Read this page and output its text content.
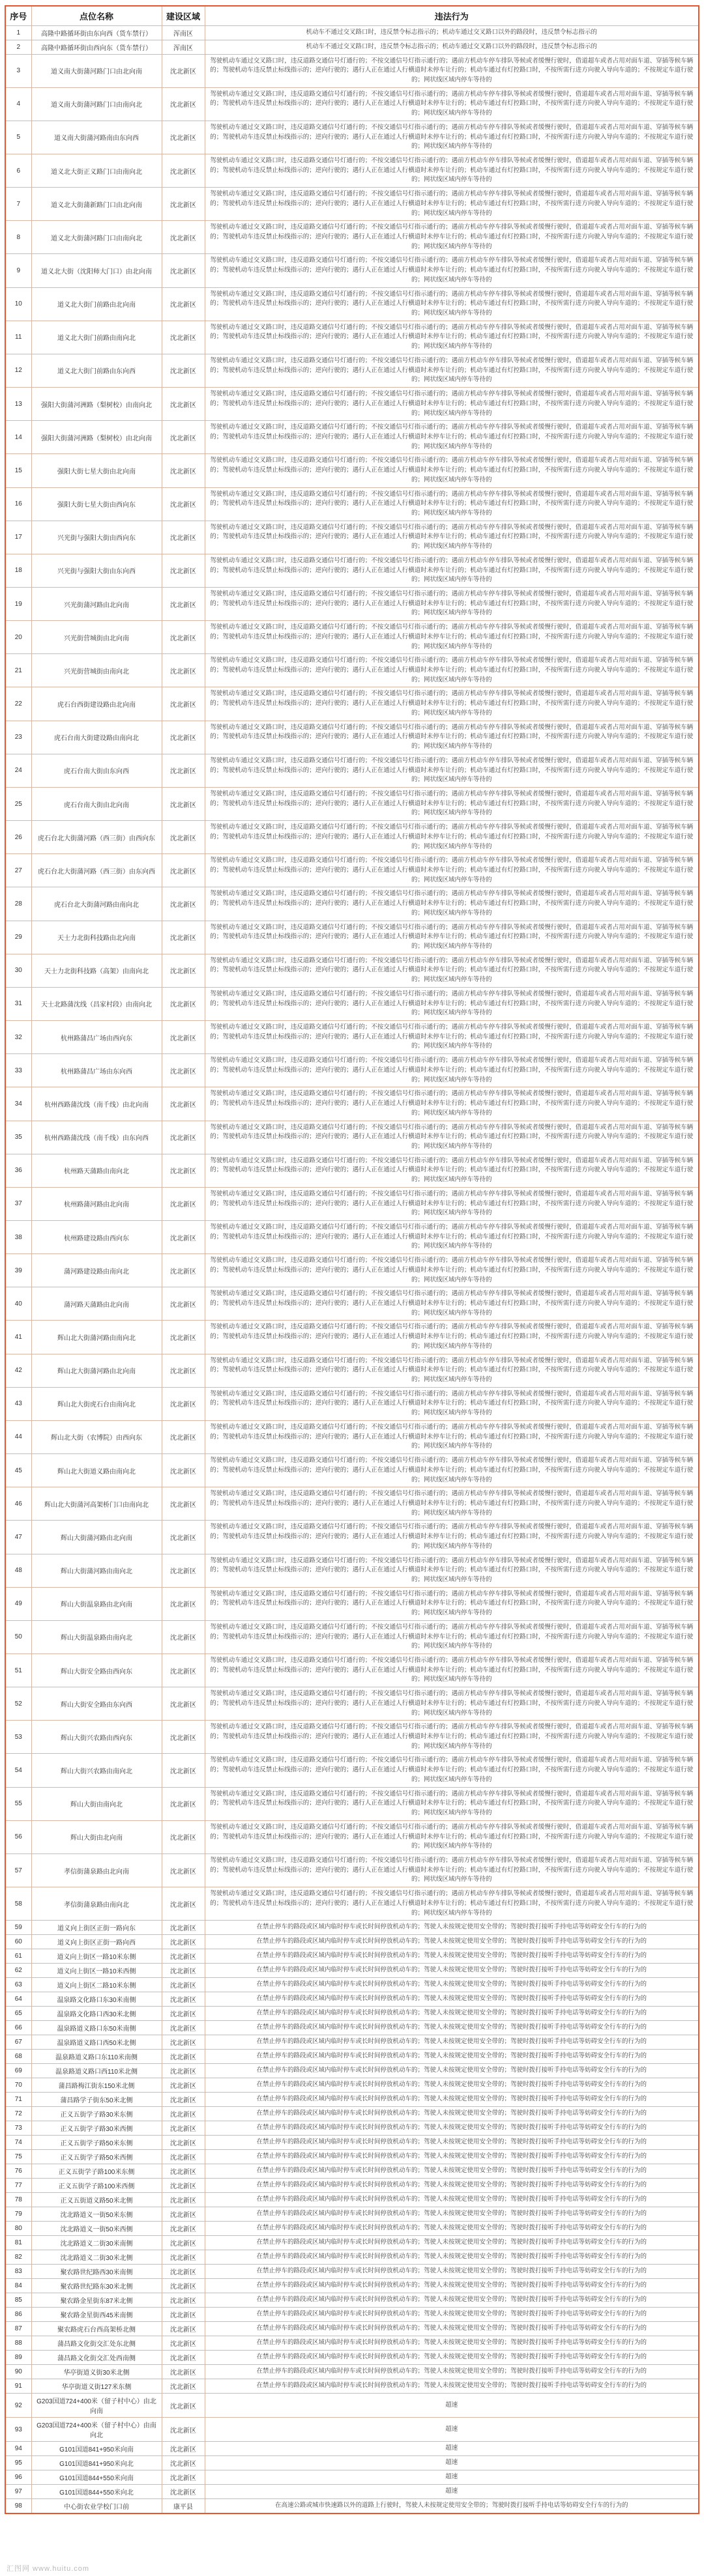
序号	点位名称	建设区域	违法行为
1	高隆中路循环街由东向西（货车禁行）	浑南区	机动车不通过交叉路口时，违反禁令标志指示的；机动车通过交叉路口以外的路段时，违反禁令标志指示的
2	高隆中路循环街由西向东（货车禁行）	浑南区	机动车不通过交叉路口时，违反禁令标志指示的；机动车通过交叉路口以外的路段时，违反禁令标志指示的
3	道义南大街蒲河路门口由北向南	沈北新区	驾驶机动车通过交叉路口时，违反道路交通信号灯通行的；不按交通信号灯指示通行的；遇前方机动车停车排队等候或者缓慢行驶时，借道超车或者占用对面车道、穿插等候车辆的；驾驶机动车违反禁止标线指示的；逆向行驶的；遇行人正在通过人行横道时未停车让行的；机动车通过有灯控路口时，不按所需行进方向驶入导向车道的；不按规定车道行驶的；网状线区域内停车等待的
4	道义南大街蒲河路门口由南向北	沈北新区	驾驶机动车通过交叉路口时，违反道路交通信号灯通行的；不按交通信号灯指示通行的；遇前方机动车停车排队等候或者缓慢行驶时，借道超车或者占用对面车道、穿插等候车辆的；驾驶机动车违反禁止标线指示的；逆向行驶的；遇行人正在通过人行横道时未停车让行的；机动车通过有灯控路口时，不按所需行进方向驶入导向车道的；不按规定车道行驶的；网状线区域内停车等待的
5	道义南大街蒲河路南由东向西	沈北新区	驾驶机动车通过交叉路口时，违反道路交通信号灯通行的；不按交通信号灯指示通行的；遇前方机动车停车排队等候或者缓慢行驶时，借道超车或者占用对面车道、穿插等候车辆的；驾驶机动车违反禁止标线指示的；逆向行驶的；遇行人正在通过人行横道时未停车让行的；机动车通过有灯控路口时，不按所需行进方向驶入导向车道的；不按规定车道行驶的；网状线区域内停车等待的
6	道义北大街正义路门口由南向北	沈北新区	驾驶机动车通过交叉路口时，违反道路交通信号灯通行的；不按交通信号灯指示通行的；遇前方机动车停车排队等候或者缓慢行驶时，借道超车或者占用对面车道、穿插等候车辆的；驾驶机动车违反禁止标线指示的；逆向行驶的；遇行人正在通过人行横道时未停车让行的；机动车通过有灯控路口时，不按所需行进方向驶入导向车道的；不按规定车道行驶的；网状线区域内停车等待的
7	道义北大街蒲新路门口由北向南	沈北新区	驾驶机动车通过交叉路口时，违反道路交通信号灯通行的；不按交通信号灯指示通行的；遇前方机动车停车排队等候或者缓慢行驶时，借道超车或者占用对面车道、穿插等候车辆的；驾驶机动车违反禁止标线指示的；逆向行驶的；遇行人正在通过人行横道时未停车让行的；机动车通过有灯控路口时，不按所需行进方向驶入导向车道的；不按规定车道行驶的；网状线区域内停车等待的
8	道义北大街蒲河路门口由南向北	沈北新区	驾驶机动车通过交叉路口时，违反道路交通信号灯通行的；不按交通信号灯指示通行的；遇前方机动车停车排队等候或者缓慢行驶时，借道超车或者占用对面车道、穿插等候车辆的；驾驶机动车违反禁止标线指示的；逆向行驶的；遇行人正在通过人行横道时未停车让行的；机动车通过有灯控路口时，不按所需行进方向驶入导向车道的；不按规定车道行驶的；网状线区域内停车等待的
9	道义北大街（沈阳师大门口）由北向南	沈北新区	驾驶机动车通过交叉路口时，违反道路交通信号灯通行的；不按交通信号灯指示通行的；遇前方机动车停车排队等候或者缓慢行驶时，借道超车或者占用对面车道、穿插等候车辆的；驾驶机动车违反禁止标线指示的；逆向行驶的；遇行人正在通过人行横道时未停车让行的；机动车通过有灯控路口时，不按所需行进方向驶入导向车道的；不按规定车道行驶的；网状线区域内停车等待的
10	道义北大街门前路由北向南	沈北新区	驾驶机动车通过交叉路口时，违反道路交通信号灯通行的；不按交通信号灯指示通行的；遇前方机动车停车排队等候或者缓慢行驶时，借道超车或者占用对面车道、穿插等候车辆的；驾驶机动车违反禁止标线指示的；逆向行驶的；遇行人正在通过人行横道时未停车让行的；机动车通过有灯控路口时，不按所需行进方向驶入导向车道的；不按规定车道行驶的；网状线区域内停车等待的
11	道义北大街门前路由南向北	沈北新区	驾驶机动车通过交叉路口时，违反道路交通信号灯通行的；不按交通信号灯指示通行的；遇前方机动车停车排队等候或者缓慢行驶时，借道超车或者占用对面车道、穿插等候车辆的；驾驶机动车违反禁止标线指示的；逆向行驶的；遇行人正在通过人行横道时未停车让行的；机动车通过有灯控路口时，不按所需行进方向驶入导向车道的；不按规定车道行驶的；网状线区域内停车等待的
12	道义北大街门前路由东向西	沈北新区	驾驶机动车通过交叉路口时，违反道路交通信号灯通行的；不按交通信号灯指示通行的；遇前方机动车停车排队等候或者缓慢行驶时，借道超车或者占用对面车道、穿插等候车辆的；驾驶机动车违反禁止标线指示的；逆向行驶的；遇行人正在通过人行横道时未停车让行的；机动车通过有灯控路口时，不按所需行进方向驶入导向车道的；不按规定车道行驶的；网状线区域内停车等待的
13	强阳大街蒲河洲路（梨树校）由南向北	沈北新区	驾驶机动车通过交叉路口时，违反道路交通信号灯通行的；不按交通信号灯指示通行的；遇前方机动车停车排队等候或者缓慢行驶时，借道超车或者占用对面车道、穿插等候车辆的；驾驶机动车违反禁止标线指示的；逆向行驶的；遇行人正在通过人行横道时未停车让行的；机动车通过有灯控路口时，不按所需行进方向驶入导向车道的；不按规定车道行驶的；网状线区域内停车等待的
14	强阳大街蒲河洲路（梨树校）由北向南	沈北新区	驾驶机动车通过交叉路口时，违反道路交通信号灯通行的；不按交通信号灯指示通行的；遇前方机动车停车排队等候或者缓慢行驶时，借道超车或者占用对面车道、穿插等候车辆的；驾驶机动车违反禁止标线指示的；逆向行驶的；遇行人正在通过人行横道时未停车让行的；机动车通过有灯控路口时，不按所需行进方向驶入导向车道的；不按规定车道行驶的；网状线区域内停车等待的
15	强阳大街七星大街由北向南	沈北新区	驾驶机动车通过交叉路口时，违反道路交通信号灯通行的；不按交通信号灯指示通行的；遇前方机动车停车排队等候或者缓慢行驶时，借道超车或者占用对面车道、穿插等候车辆的；驾驶机动车违反禁止标线指示的；逆向行驶的；遇行人正在通过人行横道时未停车让行的；机动车通过有灯控路口时，不按所需行进方向驶入导向车道的；不按规定车道行驶的；网状线区域内停车等待的
16	强阳大街七星大街由西向东	沈北新区	驾驶机动车通过交叉路口时，违反道路交通信号灯通行的；不按交通信号灯指示通行的；遇前方机动车停车排队等候或者缓慢行驶时，借道超车或者占用对面车道、穿插等候车辆的；驾驶机动车违反禁止标线指示的；逆向行驶的；遇行人正在通过人行横道时未停车让行的；机动车通过有灯控路口时，不按所需行进方向驶入导向车道的；不按规定车道行驶的；网状线区域内停车等待的
17	兴光街与强阳大街由西向东	沈北新区	驾驶机动车通过交叉路口时，违反道路交通信号灯通行的；不按交通信号灯指示通行的；遇前方机动车停车排队等候或者缓慢行驶时，借道超车或者占用对面车道、穿插等候车辆的；驾驶机动车违反禁止标线指示的；逆向行驶的；遇行人正在通过人行横道时未停车让行的；机动车通过有灯控路口时，不按所需行进方向驶入导向车道的；不按规定车道行驶的；网状线区域内停车等待的
18	兴光街与强阳大街由东向西	沈北新区	驾驶机动车通过交叉路口时，违反道路交通信号灯通行的；不按交通信号灯指示通行的；遇前方机动车停车排队等候或者缓慢行驶时，借道超车或者占用对面车道、穿插等候车辆的；驾驶机动车违反禁止标线指示的；逆向行驶的；遇行人正在通过人行横道时未停车让行的；机动车通过有灯控路口时，不按所需行进方向驶入导向车道的；不按规定车道行驶的；网状线区域内停车等待的
19	兴光街蒲河路由北向南	沈北新区	驾驶机动车通过交叉路口时，违反道路交通信号灯通行的；不按交通信号灯指示通行的；遇前方机动车停车排队等候或者缓慢行驶时，借道超车或者占用对面车道、穿插等候车辆的；驾驶机动车违反禁止标线指示的；逆向行驶的；遇行人正在通过人行横道时未停车让行的；机动车通过有灯控路口时，不按所需行进方向驶入导向车道的；不按规定车道行驶的；网状线区域内停车等待的
20	兴光街营城街由北向南	沈北新区	驾驶机动车通过交叉路口时，违反道路交通信号灯通行的；不按交通信号灯指示通行的；遇前方机动车停车排队等候或者缓慢行驶时，借道超车或者占用对面车道、穿插等候车辆的；驾驶机动车违反禁止标线指示的；逆向行驶的；遇行人正在通过人行横道时未停车让行的；机动车通过有灯控路口时，不按所需行进方向驶入导向车道的；不按规定车道行驶的；网状线区域内停车等待的
21	兴光街营城街由南向北	沈北新区	驾驶机动车通过交叉路口时，违反道路交通信号灯通行的；不按交通信号灯指示通行的；遇前方机动车停车排队等候或者缓慢行驶时，借道超车或者占用对面车道、穿插等候车辆的；驾驶机动车违反禁止标线指示的；逆向行驶的；遇行人正在通过人行横道时未停车让行的；机动车通过有灯控路口时，不按所需行进方向驶入导向车道的；不按规定车道行驶的；网状线区域内停车等待的
22	虎石台西街建设路由北向南	沈北新区	驾驶机动车通过交叉路口时，违反道路交通信号灯通行的；不按交通信号灯指示通行的；遇前方机动车停车排队等候或者缓慢行驶时，借道超车或者占用对面车道、穿插等候车辆的；驾驶机动车违反禁止标线指示的；逆向行驶的；遇行人正在通过人行横道时未停车让行的；机动车通过有灯控路口时，不按所需行进方向驶入导向车道的；不按规定车道行驶的；网状线区域内停车等待的
23	虎石台南大街建设路由南向北	沈北新区	驾驶机动车通过交叉路口时，违反道路交通信号灯通行的；不按交通信号灯指示通行的；遇前方机动车停车排队等候或者缓慢行驶时，借道超车或者占用对面车道、穿插等候车辆的；驾驶机动车违反禁止标线指示的；逆向行驶的；遇行人正在通过人行横道时未停车让行的；机动车通过有灯控路口时，不按所需行进方向驶入导向车道的；不按规定车道行驶的；网状线区域内停车等待的
24	虎石台南大街由东向西	沈北新区	驾驶机动车通过交叉路口时，违反道路交通信号灯通行的；不按交通信号灯指示通行的；遇前方机动车停车排队等候或者缓慢行驶时，借道超车或者占用对面车道、穿插等候车辆的；驾驶机动车违反禁止标线指示的；逆向行驶的；遇行人正在通过人行横道时未停车让行的；机动车通过有灯控路口时，不按所需行进方向驶入导向车道的；不按规定车道行驶的；网状线区域内停车等待的
25	虎石台南大街由北向南	沈北新区	驾驶机动车通过交叉路口时，违反道路交通信号灯通行的；不按交通信号灯指示通行的；遇前方机动车停车排队等候或者缓慢行驶时，借道超车或者占用对面车道、穿插等候车辆的；驾驶机动车违反禁止标线指示的；逆向行驶的；遇行人正在通过人行横道时未停车让行的；机动车通过有灯控路口时，不按所需行进方向驶入导向车道的；不按规定车道行驶的；网状线区域内停车等待的
26	虎石台北大街蒲河路（西三街）由西向东	沈北新区	驾驶机动车通过交叉路口时，违反道路交通信号灯通行的；不按交通信号灯指示通行的；遇前方机动车停车排队等候或者缓慢行驶时，借道超车或者占用对面车道、穿插等候车辆的；驾驶机动车违反禁止标线指示的；逆向行驶的；遇行人正在通过人行横道时未停车让行的；机动车通过有灯控路口时，不按所需行进方向驶入导向车道的；不按规定车道行驶的；网状线区域内停车等待的
27	虎石台北大街蒲河路（西三街）由东向西	沈北新区	驾驶机动车通过交叉路口时，违反道路交通信号灯通行的；不按交通信号灯指示通行的；遇前方机动车停车排队等候或者缓慢行驶时，借道超车或者占用对面车道、穿插等候车辆的；驾驶机动车违反禁止标线指示的；逆向行驶的；遇行人正在通过人行横道时未停车让行的；机动车通过有灯控路口时，不按所需行进方向驶入导向车道的；不按规定车道行驶的；网状线区域内停车等待的
28	虎石台北大街蒲河路由南向北	沈北新区	驾驶机动车通过交叉路口时，违反道路交通信号灯通行的；不按交通信号灯指示通行的；遇前方机动车停车排队等候或者缓慢行驶时，借道超车或者占用对面车道、穿插等候车辆的；驾驶机动车违反禁止标线指示的；逆向行驶的；遇行人正在通过人行横道时未停车让行的；机动车通过有灯控路口时，不按所需行进方向驶入导向车道的；不按规定车道行驶的；网状线区域内停车等待的
29	天士力北街科技路由北向南	沈北新区	驾驶机动车通过交叉路口时，违反道路交通信号灯通行的；不按交通信号灯指示通行的；遇前方机动车停车排队等候或者缓慢行驶时，借道超车或者占用对面车道、穿插等候车辆的；驾驶机动车违反禁止标线指示的；逆向行驶的；遇行人正在通过人行横道时未停车让行的；机动车通过有灯控路口时，不按所需行进方向驶入导向车道的；不按规定车道行驶的；网状线区域内停车等待的
30	天士力北街科技路（高架）由南向北	沈北新区	驾驶机动车通过交叉路口时，违反道路交通信号灯通行的；不按交通信号灯指示通行的；遇前方机动车停车排队等候或者缓慢行驶时，借道超车或者占用对面车道、穿插等候车辆的；驾驶机动车违反禁止标线指示的；逆向行驶的；遇行人正在通过人行横道时未停车让行的；机动车通过有灯控路口时，不按所需行进方向驶入导向车道的；不按规定车道行驶的；网状线区域内停车等待的
31	天士北路蒲沈线（昌家村段）由南向北	沈北新区	驾驶机动车通过交叉路口时，违反道路交通信号灯通行的；不按交通信号灯指示通行的；遇前方机动车停车排队等候或者缓慢行驶时，借道超车或者占用对面车道、穿插等候车辆的；驾驶机动车违反禁止标线指示的；逆向行驶的；遇行人正在通过人行横道时未停车让行的；机动车通过有灯控路口时，不按所需行进方向驶入导向车道的；不按规定车道行驶的；网状线区域内停车等待的
32	杭州路蒲昌广场由西向东	沈北新区	驾驶机动车通过交叉路口时，违反道路交通信号灯通行的；不按交通信号灯指示通行的；遇前方机动车停车排队等候或者缓慢行驶时，借道超车或者占用对面车道、穿插等候车辆的；驾驶机动车违反禁止标线指示的；逆向行驶的；遇行人正在通过人行横道时未停车让行的；机动车通过有灯控路口时，不按所需行进方向驶入导向车道的；不按规定车道行驶的；网状线区域内停车等待的
33	杭州路蒲昌广场由东向西	沈北新区	驾驶机动车通过交叉路口时，违反道路交通信号灯通行的；不按交通信号灯指示通行的；遇前方机动车停车排队等候或者缓慢行驶时，借道超车或者占用对面车道、穿插等候车辆的；驾驶机动车违反禁止标线指示的；逆向行驶的；遇行人正在通过人行横道时未停车让行的；机动车通过有灯控路口时，不按所需行进方向驶入导向车道的；不按规定车道行驶的；网状线区域内停车等待的
34	杭州西路蒲沈线（南千线）由北向南	沈北新区	驾驶机动车通过交叉路口时，违反道路交通信号灯通行的；不按交通信号灯指示通行的；遇前方机动车停车排队等候或者缓慢行驶时，借道超车或者占用对面车道、穿插等候车辆的；驾驶机动车违反禁止标线指示的；逆向行驶的；遇行人正在通过人行横道时未停车让行的；机动车通过有灯控路口时，不按所需行进方向驶入导向车道的；不按规定车道行驶的；网状线区域内停车等待的
35	杭州西路蒲沈线（南千线）由东向西	沈北新区	驾驶机动车通过交叉路口时，违反道路交通信号灯通行的；不按交通信号灯指示通行的；遇前方机动车停车排队等候或者缓慢行驶时，借道超车或者占用对面车道、穿插等候车辆的；驾驶机动车违反禁止标线指示的；逆向行驶的；遇行人正在通过人行横道时未停车让行的；机动车通过有灯控路口时，不按所需行进方向驶入导向车道的；不按规定车道行驶的；网状线区域内停车等待的
36	杭州路天蒲路由南向北	沈北新区	驾驶机动车通过交叉路口时，违反道路交通信号灯通行的；不按交通信号灯指示通行的；遇前方机动车停车排队等候或者缓慢行驶时，借道超车或者占用对面车道、穿插等候车辆的；驾驶机动车违反禁止标线指示的；逆向行驶的；遇行人正在通过人行横道时未停车让行的；机动车通过有灯控路口时，不按所需行进方向驶入导向车道的；不按规定车道行驶的；网状线区域内停车等待的
37	杭州路蒲河路由北向南	沈北新区	驾驶机动车通过交叉路口时，违反道路交通信号灯通行的；不按交通信号灯指示通行的；遇前方机动车停车排队等候或者缓慢行驶时，借道超车或者占用对面车道、穿插等候车辆的；驾驶机动车违反禁止标线指示的；逆向行驶的；遇行人正在通过人行横道时未停车让行的；机动车通过有灯控路口时，不按所需行进方向驶入导向车道的；不按规定车道行驶的；网状线区域内停车等待的
38	杭州路建设路由西向东	沈北新区	驾驶机动车通过交叉路口时，违反道路交通信号灯通行的；不按交通信号灯指示通行的；遇前方机动车停车排队等候或者缓慢行驶时，借道超车或者占用对面车道、穿插等候车辆的；驾驶机动车违反禁止标线指示的；逆向行驶的；遇行人正在通过人行横道时未停车让行的；机动车通过有灯控路口时，不按所需行进方向驶入导向车道的；不按规定车道行驶的；网状线区域内停车等待的
39	蒲河路建设路由南向北	沈北新区	驾驶机动车通过交叉路口时，违反道路交通信号灯通行的；不按交通信号灯指示通行的；遇前方机动车停车排队等候或者缓慢行驶时，借道超车或者占用对面车道、穿插等候车辆的；驾驶机动车违反禁止标线指示的；逆向行驶的；遇行人正在通过人行横道时未停车让行的；机动车通过有灯控路口时，不按所需行进方向驶入导向车道的；不按规定车道行驶的；网状线区域内停车等待的
40	蒲河路天蒲路由北向南	沈北新区	驾驶机动车通过交叉路口时，违反道路交通信号灯通行的；不按交通信号灯指示通行的；遇前方机动车停车排队等候或者缓慢行驶时，借道超车或者占用对面车道、穿插等候车辆的；驾驶机动车违反禁止标线指示的；逆向行驶的；遇行人正在通过人行横道时未停车让行的；机动车通过有灯控路口时，不按所需行进方向驶入导向车道的；不按规定车道行驶的；网状线区域内停车等待的
41	辉山北大街蒲河路由南向北	沈北新区	驾驶机动车通过交叉路口时，违反道路交通信号灯通行的；不按交通信号灯指示通行的；遇前方机动车停车排队等候或者缓慢行驶时，借道超车或者占用对面车道、穿插等候车辆的；驾驶机动车违反禁止标线指示的；逆向行驶的；遇行人正在通过人行横道时未停车让行的；机动车通过有灯控路口时，不按所需行进方向驶入导向车道的；不按规定车道行驶的；网状线区域内停车等待的
42	辉山北大街蒲河路由北向南	沈北新区	驾驶机动车通过交叉路口时，违反道路交通信号灯通行的；不按交通信号灯指示通行的；遇前方机动车停车排队等候或者缓慢行驶时，借道超车或者占用对面车道、穿插等候车辆的；驾驶机动车违反禁止标线指示的；逆向行驶的；遇行人正在通过人行横道时未停车让行的；机动车通过有灯控路口时，不按所需行进方向驶入导向车道的；不按规定车道行驶的；网状线区域内停车等待的
43	辉山北大街虎石台由南向北	沈北新区	驾驶机动车通过交叉路口时，违反道路交通信号灯通行的；不按交通信号灯指示通行的；遇前方机动车停车排队等候或者缓慢行驶时，借道超车或者占用对面车道、穿插等候车辆的；驾驶机动车违反禁止标线指示的；逆向行驶的；遇行人正在通过人行横道时未停车让行的；机动车通过有灯控路口时，不按所需行进方向驶入导向车道的；不按规定车道行驶的；网状线区域内停车等待的
44	辉山北大街（农博院）由西向东	沈北新区	驾驶机动车通过交叉路口时，违反道路交通信号灯通行的；不按交通信号灯指示通行的；遇前方机动车停车排队等候或者缓慢行驶时，借道超车或者占用对面车道、穿插等候车辆的；驾驶机动车违反禁止标线指示的；逆向行驶的；遇行人正在通过人行横道时未停车让行的；机动车通过有灯控路口时，不按所需行进方向驶入导向车道的；不按规定车道行驶的；网状线区域内停车等待的
45	辉山北大街道义路由南向北	沈北新区	驾驶机动车通过交叉路口时，违反道路交通信号灯通行的；不按交通信号灯指示通行的；遇前方机动车停车排队等候或者缓慢行驶时，借道超车或者占用对面车道、穿插等候车辆的；驾驶机动车违反禁止标线指示的；逆向行驶的；遇行人正在通过人行横道时未停车让行的；机动车通过有灯控路口时，不按所需行进方向驶入导向车道的；不按规定车道行驶的；网状线区域内停车等待的
46	辉山北大街蒲河高架桥门口由南向北	沈北新区	驾驶机动车通过交叉路口时，违反道路交通信号灯通行的；不按交通信号灯指示通行的；遇前方机动车停车排队等候或者缓慢行驶时，借道超车或者占用对面车道、穿插等候车辆的；驾驶机动车违反禁止标线指示的；逆向行驶的；遇行人正在通过人行横道时未停车让行的；机动车通过有灯控路口时，不按所需行进方向驶入导向车道的；不按规定车道行驶的；网状线区域内停车等待的
47	辉山大街蒲河路由北向南	沈北新区	驾驶机动车通过交叉路口时，违反道路交通信号灯通行的；不按交通信号灯指示通行的；遇前方机动车停车排队等候或者缓慢行驶时，借道超车或者占用对面车道、穿插等候车辆的；驾驶机动车违反禁止标线指示的；逆向行驶的；遇行人正在通过人行横道时未停车让行的；机动车通过有灯控路口时，不按所需行进方向驶入导向车道的；不按规定车道行驶的；网状线区域内停车等待的
48	辉山大街蒲河路由南向北	沈北新区	驾驶机动车通过交叉路口时，违反道路交通信号灯通行的；不按交通信号灯指示通行的；遇前方机动车停车排队等候或者缓慢行驶时，借道超车或者占用对面车道、穿插等候车辆的；驾驶机动车违反禁止标线指示的；逆向行驶的；遇行人正在通过人行横道时未停车让行的；机动车通过有灯控路口时，不按所需行进方向驶入导向车道的；不按规定车道行驶的；网状线区域内停车等待的
49	辉山大街温泉路由北向南	沈北新区	驾驶机动车通过交叉路口时，违反道路交通信号灯通行的；不按交通信号灯指示通行的；遇前方机动车停车排队等候或者缓慢行驶时，借道超车或者占用对面车道、穿插等候车辆的；驾驶机动车违反禁止标线指示的；逆向行驶的；遇行人正在通过人行横道时未停车让行的；机动车通过有灯控路口时，不按所需行进方向驶入导向车道的；不按规定车道行驶的；网状线区域内停车等待的
50	辉山大街温泉路由南向北	沈北新区	驾驶机动车通过交叉路口时，违反道路交通信号灯通行的；不按交通信号灯指示通行的；遇前方机动车停车排队等候或者缓慢行驶时，借道超车或者占用对面车道、穿插等候车辆的；驾驶机动车违反禁止标线指示的；逆向行驶的；遇行人正在通过人行横道时未停车让行的；机动车通过有灯控路口时，不按所需行进方向驶入导向车道的；不按规定车道行驶的；网状线区域内停车等待的
51	辉山大街安全路由西向东	沈北新区	驾驶机动车通过交叉路口时，违反道路交通信号灯通行的；不按交通信号灯指示通行的；遇前方机动车停车排队等候或者缓慢行驶时，借道超车或者占用对面车道、穿插等候车辆的；驾驶机动车违反禁止标线指示的；逆向行驶的；遇行人正在通过人行横道时未停车让行的；机动车通过有灯控路口时，不按所需行进方向驶入导向车道的；不按规定车道行驶的；网状线区域内停车等待的
52	辉山大街安全路由东向西	沈北新区	驾驶机动车通过交叉路口时，违反道路交通信号灯通行的；不按交通信号灯指示通行的；遇前方机动车停车排队等候或者缓慢行驶时，借道超车或者占用对面车道、穿插等候车辆的；驾驶机动车违反禁止标线指示的；逆向行驶的；遇行人正在通过人行横道时未停车让行的；机动车通过有灯控路口时，不按所需行进方向驶入导向车道的；不按规定车道行驶的；网状线区域内停车等待的
53	辉山大街兴农路由西向东	沈北新区	驾驶机动车通过交叉路口时，违反道路交通信号灯通行的；不按交通信号灯指示通行的；遇前方机动车停车排队等候或者缓慢行驶时，借道超车或者占用对面车道、穿插等候车辆的；驾驶机动车违反禁止标线指示的；逆向行驶的；遇行人正在通过人行横道时未停车让行的；机动车通过有灯控路口时，不按所需行进方向驶入导向车道的；不按规定车道行驶的；网状线区域内停车等待的
54	辉山大街兴农路由南向北	沈北新区	驾驶机动车通过交叉路口时，违反道路交通信号灯通行的；不按交通信号灯指示通行的；遇前方机动车停车排队等候或者缓慢行驶时，借道超车或者占用对面车道、穿插等候车辆的；驾驶机动车违反禁止标线指示的；逆向行驶的；遇行人正在通过人行横道时未停车让行的；机动车通过有灯控路口时，不按所需行进方向驶入导向车道的；不按规定车道行驶的；网状线区域内停车等待的
55	辉山大街由南向北	沈北新区	驾驶机动车通过交叉路口时，违反道路交通信号灯通行的；不按交通信号灯指示通行的；遇前方机动车停车排队等候或者缓慢行驶时，借道超车或者占用对面车道、穿插等候车辆的；驾驶机动车违反禁止标线指示的；逆向行驶的；遇行人正在通过人行横道时未停车让行的；机动车通过有灯控路口时，不按所需行进方向驶入导向车道的；不按规定车道行驶的；网状线区域内停车等待的
56	辉山大街由北向南	沈北新区	驾驶机动车通过交叉路口时，违反道路交通信号灯通行的；不按交通信号灯指示通行的；遇前方机动车停车排队等候或者缓慢行驶时，借道超车或者占用对面车道、穿插等候车辆的；驾驶机动车违反禁止标线指示的；逆向行驶的；遇行人正在通过人行横道时未停车让行的；机动车通过有灯控路口时，不按所需行进方向驶入导向车道的；不按规定车道行驶的；网状线区域内停车等待的
57	孝信街蒲泉路由北向南	沈北新区	驾驶机动车通过交叉路口时，违反道路交通信号灯通行的；不按交通信号灯指示通行的；遇前方机动车停车排队等候或者缓慢行驶时，借道超车或者占用对面车道、穿插等候车辆的；驾驶机动车违反禁止标线指示的；逆向行驶的；遇行人正在通过人行横道时未停车让行的；机动车通过有灯控路口时，不按所需行进方向驶入导向车道的；不按规定车道行驶的；网状线区域内停车等待的
58	孝信街蒲泉路由南向北	沈北新区	驾驶机动车通过交叉路口时，违反道路交通信号灯通行的；不按交通信号灯指示通行的；遇前方机动车停车排队等候或者缓慢行驶时，借道超车或者占用对面车道、穿插等候车辆的；驾驶机动车违反禁止标线指示的；逆向行驶的；遇行人正在通过人行横道时未停车让行的；机动车通过有灯控路口时，不按所需行进方向驶入导向车道的；不按规定车道行驶的；网状线区域内停车等待的
59	道义向上街区正街一路向东	沈北新区	在禁止停车的路段或区域内临时停车或长时间停放机动车的；驾驶人未按规定使用安全带的；驾驶时拨打接听手持电话等妨碍安全行车的行为的
60	道义向上街区正街一路向西	沈北新区	在禁止停车的路段或区域内临时停车或长时间停放机动车的；驾驶人未按规定使用安全带的；驾驶时拨打接听手持电话等妨碍安全行车的行为的
61	道义向上街区一路10米东侧	沈北新区	在禁止停车的路段或区域内临时停车或长时间停放机动车的；驾驶人未按规定使用安全带的；驾驶时拨打接听手持电话等妨碍安全行车的行为的
62	道义向上街区一路10米西侧	沈北新区	在禁止停车的路段或区域内临时停车或长时间停放机动车的；驾驶人未按规定使用安全带的；驾驶时拨打接听手持电话等妨碍安全行车的行为的
63	道义向上街区二路10米东侧	沈北新区	在禁止停车的路段或区域内临时停车或长时间停放机动车的；驾驶人未按规定使用安全带的；驾驶时拨打接听手持电话等妨碍安全行车的行为的
64	温泉路文化路口东30米南侧	沈北新区	在禁止停车的路段或区域内临时停车或长时间停放机动车的；驾驶人未按规定使用安全带的；驾驶时拨打接听手持电话等妨碍安全行车的行为的
65	温泉路文化路口西30米北侧	沈北新区	在禁止停车的路段或区域内临时停车或长时间停放机动车的；驾驶人未按规定使用安全带的；驾驶时拨打接听手持电话等妨碍安全行车的行为的
66	温泉路道义路口东50米南侧	沈北新区	在禁止停车的路段或区域内临时停车或长时间停放机动车的；驾驶人未按规定使用安全带的；驾驶时拨打接听手持电话等妨碍安全行车的行为的
67	温泉路道义路口西50米北侧	沈北新区	在禁止停车的路段或区域内临时停车或长时间停放机动车的；驾驶人未按规定使用安全带的；驾驶时拨打接听手持电话等妨碍安全行车的行为的
68	温泉路道义路口东110米南侧	沈北新区	在禁止停车的路段或区域内临时停车或长时间停放机动车的；驾驶人未按规定使用安全带的；驾驶时拨打接听手持电话等妨碍安全行车的行为的
69	温泉路道义路口西110米北侧	沈北新区	在禁止停车的路段或区域内临时停车或长时间停放机动车的；驾驶人未按规定使用安全带的；驾驶时拨打接听手持电话等妨碍安全行车的行为的
70	蒲昌路梅江街东150米北侧	沈北新区	在禁止停车的路段或区域内临时停车或长时间停放机动车的；驾驶人未按规定使用安全带的；驾驶时拨打接听手持电话等妨碍安全行车的行为的
71	蒲昌路学子街东50米北侧	沈北新区	在禁止停车的路段或区域内临时停车或长时间停放机动车的；驾驶人未按规定使用安全带的；驾驶时拨打接听手持电话等妨碍安全行车的行为的
72	正义五街学子路30米东侧	沈北新区	在禁止停车的路段或区域内临时停车或长时间停放机动车的；驾驶人未按规定使用安全带的；驾驶时拨打接听手持电话等妨碍安全行车的行为的
73	正义五街学子路30米西侧	沈北新区	在禁止停车的路段或区域内临时停车或长时间停放机动车的；驾驶人未按规定使用安全带的；驾驶时拨打接听手持电话等妨碍安全行车的行为的
74	正义五街学子路50米东侧	沈北新区	在禁止停车的路段或区域内临时停车或长时间停放机动车的；驾驶人未按规定使用安全带的；驾驶时拨打接听手持电话等妨碍安全行车的行为的
75	正义五街学子路50米西侧	沈北新区	在禁止停车的路段或区域内临时停车或长时间停放机动车的；驾驶人未按规定使用安全带的；驾驶时拨打接听手持电话等妨碍安全行车的行为的
76	正义五街学子路100米东侧	沈北新区	在禁止停车的路段或区域内临时停车或长时间停放机动车的；驾驶人未按规定使用安全带的；驾驶时拨打接听手持电话等妨碍安全行车的行为的
77	正义五街学子路100米西侧	沈北新区	在禁止停车的路段或区域内临时停车或长时间停放机动车的；驾驶人未按规定使用安全带的；驾驶时拨打接听手持电话等妨碍安全行车的行为的
78	正义五街道义路50米北侧	沈北新区	在禁止停车的路段或区域内临时停车或长时间停放机动车的；驾驶人未按规定使用安全带的；驾驶时拨打接听手持电话等妨碍安全行车的行为的
79	沈北路道义一街50米东侧	沈北新区	在禁止停车的路段或区域内临时停车或长时间停放机动车的；驾驶人未按规定使用安全带的；驾驶时拨打接听手持电话等妨碍安全行车的行为的
80	沈北路道义一街50米西侧	沈北新区	在禁止停车的路段或区域内临时停车或长时间停放机动车的；驾驶人未按规定使用安全带的；驾驶时拨打接听手持电话等妨碍安全行车的行为的
81	沈北路道义二街30米南侧	沈北新区	在禁止停车的路段或区域内临时停车或长时间停放机动车的；驾驶人未按规定使用安全带的；驾驶时拨打接听手持电话等妨碍安全行车的行为的
82	沈北路道义二街30米北侧	沈北新区	在禁止停车的路段或区域内临时停车或长时间停放机动车的；驾驶人未按规定使用安全带的；驾驶时拨打接听手持电话等妨碍安全行车的行为的
83	聚农路世纪路西30米南侧	沈北新区	在禁止停车的路段或区域内临时停车或长时间停放机动车的；驾驶人未按规定使用安全带的；驾驶时拨打接听手持电话等妨碍安全行车的行为的
84	聚农路世纪路东30米北侧	沈北新区	在禁止停车的路段或区域内临时停车或长时间停放机动车的；驾驶人未按规定使用安全带的；驾驶时拨打接听手持电话等妨碍安全行车的行为的
85	聚农路金星街东87米北侧	沈北新区	在禁止停车的路段或区域内临时停车或长时间停放机动车的；驾驶人未按规定使用安全带的；驾驶时拨打接听手持电话等妨碍安全行车的行为的
86	聚农路金星街西45米南侧	沈北新区	在禁止停车的路段或区域内临时停车或长时间停放机动车的；驾驶人未按规定使用安全带的；驾驶时拨打接听手持电话等妨碍安全行车的行为的
87	聚农路虎石台西高架桥北侧	沈北新区	在禁止停车的路段或区域内临时停车或长时间停放机动车的；驾驶人未按规定使用安全带的；驾驶时拨打接听手持电话等妨碍安全行车的行为的
88	蒲昌路文化街交汇处东北侧	沈北新区	在禁止停车的路段或区域内临时停车或长时间停放机动车的；驾驶人未按规定使用安全带的；驾驶时拨打接听手持电话等妨碍安全行车的行为的
89	蒲昌路文化街交汇处西南侧	沈北新区	在禁止停车的路段或区域内临时停车或长时间停放机动车的；驾驶人未按规定使用安全带的；驾驶时拨打接听手持电话等妨碍安全行车的行为的
90	华亭街道义街30米北侧	沈北新区	在禁止停车的路段或区域内临时停车或长时间停放机动车的；驾驶人未按规定使用安全带的；驾驶时拨打接听手持电话等妨碍安全行车的行为的
91	华亭街道义街127米东侧	沈北新区	在禁止停车的路段或区域内临时停车或长时间停放机动车的；驾驶人未按规定使用安全带的；驾驶时拨打接听手持电话等妨碍安全行车的行为的
92	G203国道724+400米（留子村中心）由北向南	沈北新区	超速
93	G203国道724+400米（留子村中心）由南向北	沈北新区	超速
94	G101国道841+950米向南	沈北新区	超速
95	G101国道841+950米向北	沈北新区	超速
96	G101国道844+550米向南	沈北新区	超速
97	G101国道844+550米向北	沈北新区	超速
98	中心街农业学校门口前	康平县	在高速公路或城市快速路以外的道路上行驶时，驾驶人未按规定使用安全带的；驾驶时拨打接听手持电话等妨碍安全行车的行为的
汇图网 www.huitu.com
